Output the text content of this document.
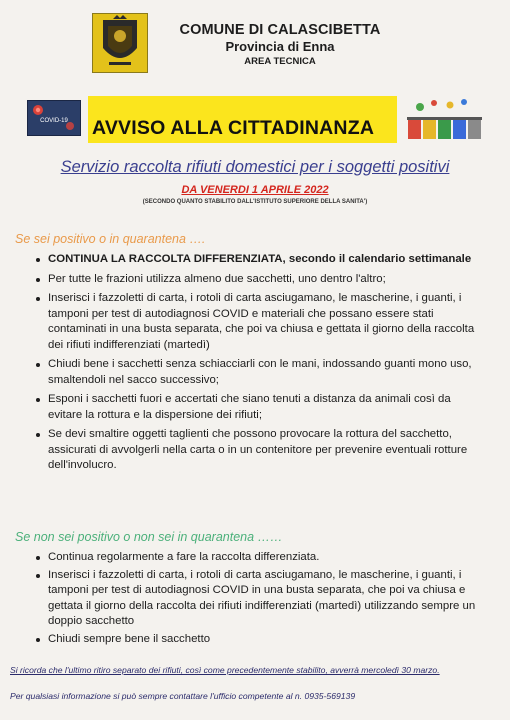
COMUNE DI CALASCIBETTA
Provincia di Enna
AREA TECNICA
COVID-19 AVVISO ALLA CITTADINANZA
Servizio raccolta rifiuti domestici per i soggetti positivi
DA VENERDI 1 APRILE 2022
(SECONDO QUANTO STABILITO DALL'ISTITUTO SUPERIORE DELLA SANITA')
Se sei positivo o in quarantena ….
CONTINUA LA RACCOLTA DIFFERENZIATA, secondo il calendario settimanale
Per tutte le frazioni utilizza almeno due sacchetti, uno dentro l'altro;
Inserisci i fazzoletti di carta, i rotoli di carta asciugamano, le mascherine, i guanti, i tamponi per test di autodiagnosi COVID e materiali che possano essere stati contaminati in una busta separata, che poi va chiusa e gettata il giorno della raccolta dei rifiuti indifferenziati (martedì)
Chiudi bene i sacchetti senza schiacciarli con le mani, indossando guanti mono uso, smaltendoli nel sacco successivo;
Esponi i sacchetti fuori e accertati che siano tenuti a distanza da animali così da evitare la rottura e la dispersione dei rifiuti;
Se devi smaltire oggetti taglienti che possono provocare la rottura del sacchetto, assicurati di avvolgerli nella carta o in un contenitore per prevenire eventuali rotture dell'involucro.
Se non sei positivo o non sei in quarantena ……
Continua regolarmente a fare la raccolta differenziata.
Inserisci i fazzoletti di carta, i rotoli di carta asciugamano, le mascherine, i guanti, i tamponi per test di autodiagnosi COVID in una busta separata, che poi va chiusa e gettata il giorno della raccolta dei rifiuti indifferenziati (martedì) utilizzando sempre un doppio sacchetto
Chiudi sempre bene il sacchetto
Si ricorda che l'ultimo ritiro separato dei rifiuti, così come precedentemente stabilito, avverrà mercoledì 30 marzo.
Per qualsiasi informazione si può sempre contattare l'ufficio competente al n. 0935-569139
